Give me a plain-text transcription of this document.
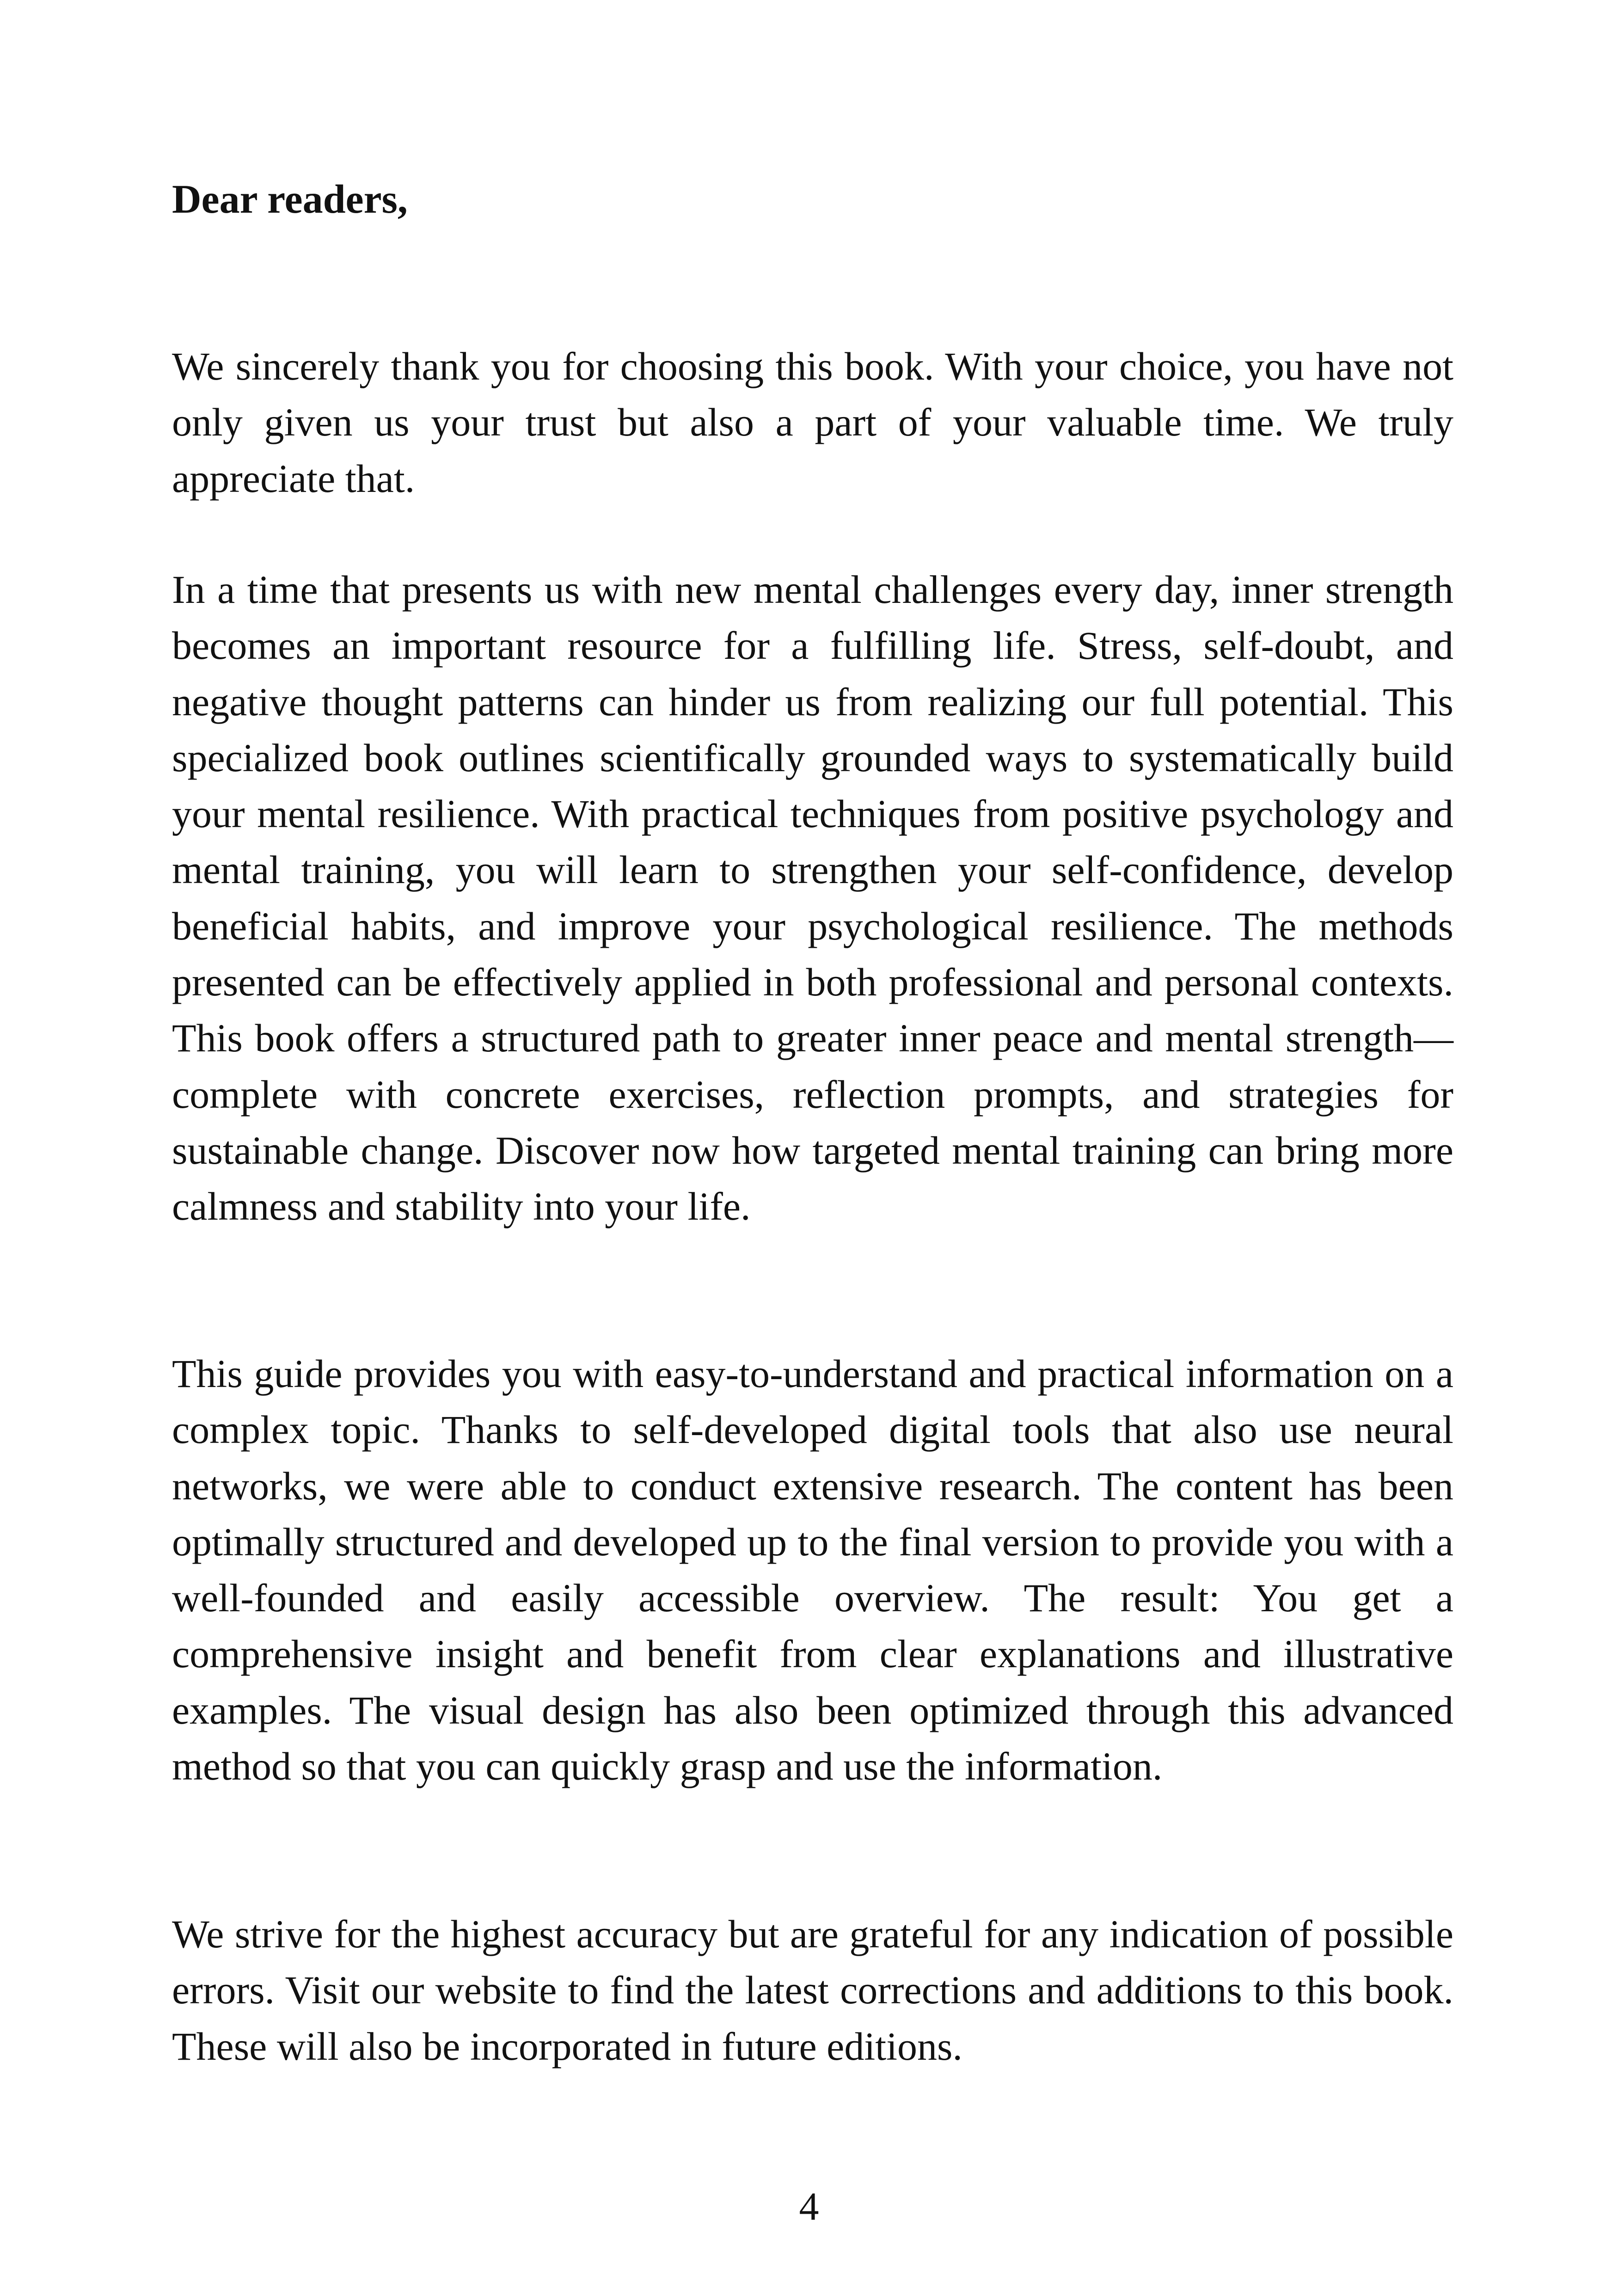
Dear readers,

We sincerely thank you for choosing this book. With your choice, you have not only given us your trust but also a part of your valuable time. We truly appreciate that.

In a time that presents us with new mental challenges every day, inner strength becomes an important resource for a fulfilling life. Stress, self-doubt, and negative thought patterns can hinder us from realizing our full potential. This specialized book outlines scientifically grounded ways to systematically build your mental resilience. With practical techniques from positive psychology and mental training, you will learn to strengthen your self-confidence, develop beneficial habits, and improve your psychological resilience. The methods presented can be effectively applied in both professional and personal contexts. This book offers a structured path to greater inner peace and mental strength—complete with concrete exercises, reflection prompts, and strategies for sustainable change. Discover now how targeted mental training can bring more calmness and stability into your life.

This guide provides you with easy-to-understand and practical information on a complex topic. Thanks to self-developed digital tools that also use neural networks, we were able to conduct extensive research. The content has been optimally structured and developed up to the final version to provide you with a well-founded and easily accessible overview. The result: You get a comprehensive insight and benefit from clear explanations and illustrative examples. The visual design has also been optimized through this advanced method so that you can quickly grasp and use the information.

We strive for the highest accuracy but are grateful for any indication of possible errors. Visit our website to find the latest corrections and additions to this book. These will also be incorporated in future editions.

4
